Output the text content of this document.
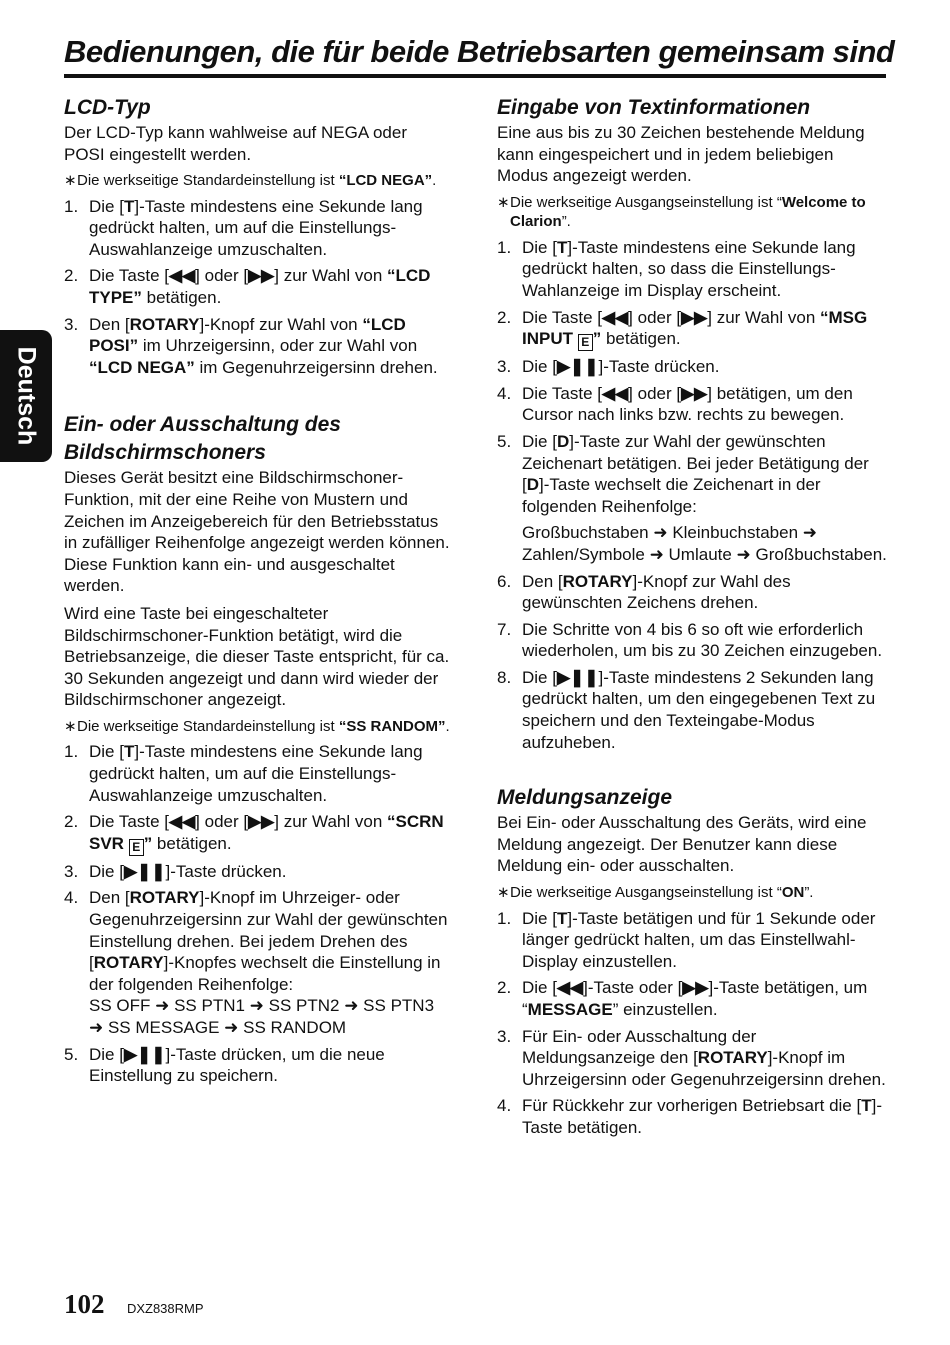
Bedienungen, die für beide Betriebsarten gemeinsam sind
Deutsch
LCD-Typ

Der LCD-Typ kann wahlweise auf NEGA oder POSI eingestellt werden.

∗ Die werkseitige Standardeinstellung ist “LCD NEGA”.
1. Die [T]-Taste mindestens eine Sekunde lang gedrückt halten, um auf die Einstellungs-Auswahlanzeige umzuschalten.
2. Die Taste [◀◀] oder [▶▶] zur Wahl von “LCD TYPE” betätigen.
3. Den [ROTARY]-Knopf zur Wahl von “LCD POSI” im Uhrzeigersinn, oder zur Wahl von “LCD NEGA” im Gegenuhrzeigersinn drehen.
Ein- oder Ausschaltung des Bildschirmschoners

Dieses Gerät besitzt eine Bildschirmschoner-Funktion, mit der eine Reihe von Mustern und Zeichen im Anzeigebereich für den Betriebsstatus in zufälliger Reihenfolge angezeigt werden können. Diese Funktion kann ein- und ausgeschaltet werden.

Wird eine Taste bei eingeschalteter Bildschirmschoner-Funktion betätigt, wird die Betriebsanzeige, die dieser Taste entspricht, für ca. 30 Sekunden angezeigt und dann wird wieder der Bildschirmschoner angezeigt.

∗ Die werkseitige Standardeinstellung ist “SS RANDOM”.
1. Die [T]-Taste mindestens eine Sekunde lang gedrückt halten, um auf die Einstellungs-Auswahlanzeige umzuschalten.
2. Die Taste [◀◀] oder [▶▶] zur Wahl von “SCRN SVR E ” betätigen.
3. Die [▶❚❚]-Taste drücken.
4. Den [ROTARY]-Knopf im Uhrzeiger- oder Gegenuhrzeigersinn zur Wahl der gewünschten Einstellung drehen. Bei jedem Drehen des [ROTARY]-Knopfes wechselt die Einstellung in der folgenden Reihenfolge:
SS OFF ➜ SS PTN1 ➜ SS PTN2 ➜ SS PTN3 ➜ SS MESSAGE ➜ SS RANDOM
5. Die [▶❚❚]-Taste drücken, um die neue Einstellung zu speichern.
Eingabe von Textinformationen

Eine aus bis zu 30 Zeichen bestehende Meldung kann eingespeichert und in jedem beliebigen Modus angezeigt werden.

∗ Die werkseitige Ausgangseinstellung ist “Welcome to Clarion”.
1. Die [T]-Taste mindestens eine Sekunde lang gedrückt halten, so dass die Einstellungs-Wahlanzeige im Display erscheint.
2. Die Taste [◀◀] oder [▶▶] zur Wahl von “MSG INPUT E ” betätigen.
3. Die [▶❚❚]-Taste drücken.
4. Die Taste [◀◀] oder [▶▶] betätigen, um den Cursor nach links bzw. rechts zu bewegen.
5. Die [D]-Taste zur Wahl der gewünschten Zeichenart betätigen. Bei jeder Betätigung der [D]-Taste wechselt die Zeichenart in der folgenden Reihenfolge:
Großbuchstaben ➜ Kleinbuchstaben ➜ Zahlen/Symbole ➜ Umlaute ➜ Großbuchstaben.
6. Den [ROTARY]-Knopf zur Wahl des gewünschten Zeichens drehen.
7. Die Schritte von 4 bis 6 so oft wie erforderlich wiederholen, um bis zu 30 Zeichen einzugeben.
8. Die [▶❚❚]-Taste mindestens 2 Sekunden lang gedrückt halten, um den eingegebenen Text zu speichern und den Texteingabe-Modus aufzuheben.
Meldungsanzeige

Bei Ein- oder Ausschaltung des Geräts, wird eine Meldung angezeigt. Der Benutzer kann diese Meldung ein- oder ausschalten.

∗ Die werkseitige Ausgangseinstellung ist “ON”.
1. Die [T]-Taste betätigen und für 1 Sekunde oder länger gedrückt halten, um das Einstellwahl-Display einzustellen.
2. Die [◀◀]-Taste oder [▶▶]-Taste betätigen, um “MESSAGE” einzustellen.
3. Für Ein- oder Ausschaltung der Meldungsanzeige den [ROTARY]-Knopf im Uhrzeigersinn oder Gegenuhrzeigersinn drehen.
4. Für Rückkehr zur vorherigen Betriebsart die [T]-Taste betätigen.
102 DXZ838RMP
